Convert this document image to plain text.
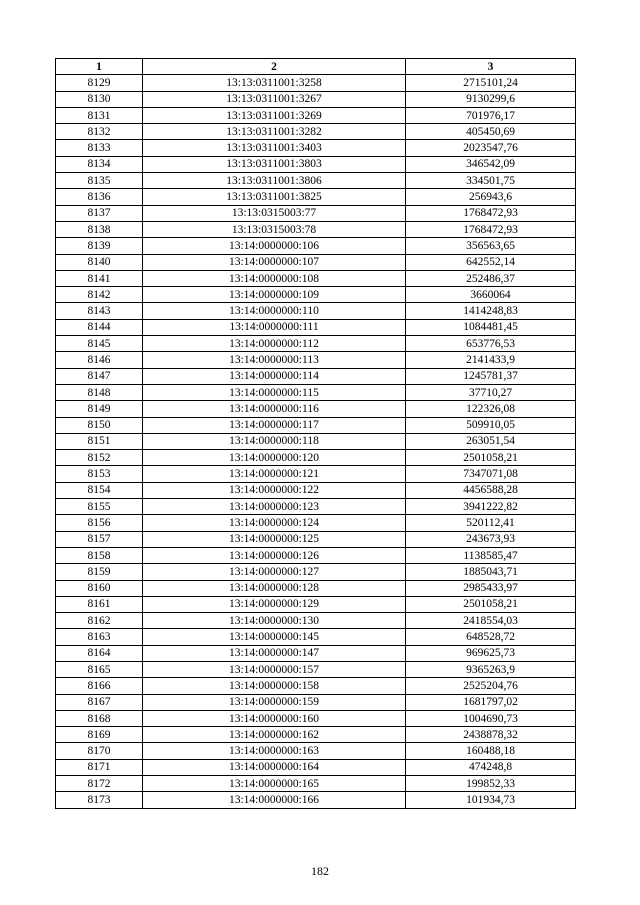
1	2	3
8129	13:13:0311001:3258	2715101,24
8130	13:13:0311001:3267	9130299,6
8131	13:13:0311001:3269	701976,17
8132	13:13:0311001:3282	405450,69
8133	13:13:0311001:3403	2023547,76
8134	13:13:0311001:3803	346542,09
8135	13:13:0311001:3806	334501,75
8136	13:13:0311001:3825	256943,6
8137	13:13:0315003:77	1768472,93
8138	13:13:0315003:78	1768472,93
8139	13:14:0000000:106	356563,65
8140	13:14:0000000:107	642552,14
8141	13:14:0000000:108	252486,37
8142	13:14:0000000:109	3660064
8143	13:14:0000000:110	1414248,83
8144	13:14:0000000:111	1084481,45
8145	13:14:0000000:112	653776,53
8146	13:14:0000000:113	2141433,9
8147	13:14:0000000:114	1245781,37
8148	13:14:0000000:115	37710,27
8149	13:14:0000000:116	122326,08
8150	13:14:0000000:117	509910,05
8151	13:14:0000000:118	263051,54
8152	13:14:0000000:120	2501058,21
8153	13:14:0000000:121	7347071,08
8154	13:14:0000000:122	4456588,28
8155	13:14:0000000:123	3941222,82
8156	13:14:0000000:124	520112,41
8157	13:14:0000000:125	243673,93
8158	13:14:0000000:126	1138585,47
8159	13:14:0000000:127	1885043,71
8160	13:14:0000000:128	2985433,97
8161	13:14:0000000:129	2501058,21
8162	13:14:0000000:130	2418554,03
8163	13:14:0000000:145	648528,72
8164	13:14:0000000:147	969625,73
8165	13:14:0000000:157	9365263,9
8166	13:14:0000000:158	2525204,76
8167	13:14:0000000:159	1681797,02
8168	13:14:0000000:160	1004690,73
8169	13:14:0000000:162	2438878,32
8170	13:14:0000000:163	160488,18
8171	13:14:0000000:164	474248,8
8172	13:14:0000000:165	199852,33
8173	13:14:0000000:166	101934,73
182
